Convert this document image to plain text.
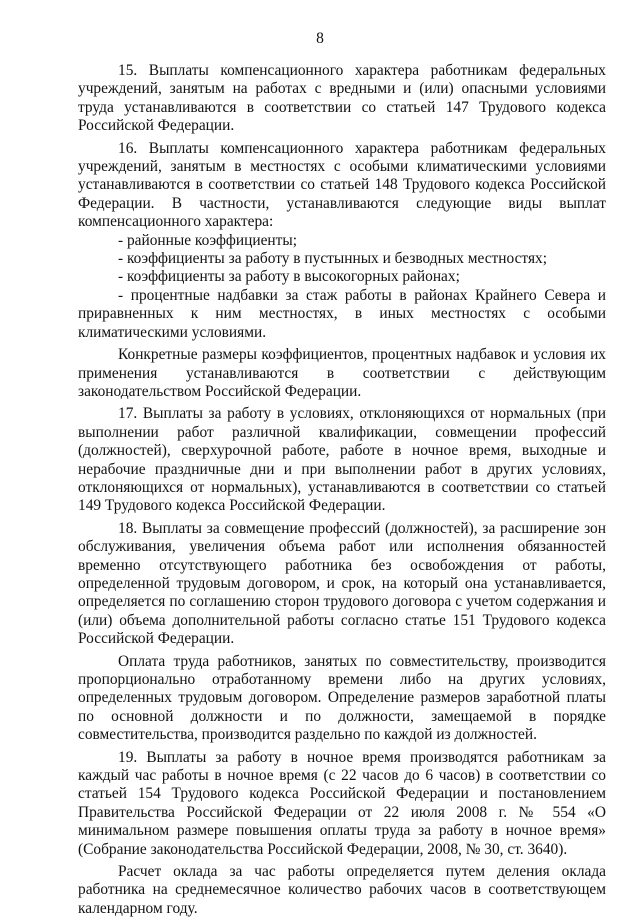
8

15. Выплаты компенсационного характера работникам федеральных учреждений, занятым на работах с вредными и (или) опасными условиями труда устанавливаются в соответствии со статьей 147 Трудового кодекса Российской Федерации.

16. Выплаты компенсационного характера работникам федеральных учреждений, занятым в местностях с особыми климатическими условиями устанавливаются в соответствии со статьей 148 Трудового кодекса Российской Федерации. В частности, устанавливаются следующие виды выплат компенсационного характера:

- районные коэффициенты;

- коэффициенты за работу в пустынных и безводных местностях;

- коэффициенты за работу в высокогорных районах;

- процентные надбавки за стаж работы в районах Крайнего Севера и приравненных к ним местностях, в иных местностях с особыми климатическими условиями.

Конкретные размеры коэффициентов, процентных надбавок и условия их применения устанавливаются в соответствии с действующим законодательством Российской Федерации.

17. Выплаты за работу в условиях, отклоняющихся от нормальных (при выполнении работ различной квалификации, совмещении профессий (должностей), сверхурочной работе, работе в ночное время, выходные и нерабочие праздничные дни и при выполнении работ в других условиях, отклоняющихся от нормальных), устанавливаются в соответствии со статьей 149 Трудового кодекса Российской Федерации.

18. Выплаты за совмещение профессий (должностей), за расширение зон обслуживания, увеличения объема работ или исполнения обязанностей временно отсутствующего работника без освобождения от работы, определенной трудовым договором, и срок, на который она устанавливается, определяется по соглашению сторон трудового договора с учетом содержания и (или) объема дополнительной работы согласно статье 151 Трудового кодекса Российской Федерации.

Оплата труда работников, занятых по совместительству, производится пропорционально отработанному времени либо на других условиях, определенных трудовым договором. Определение размеров заработной платы по основной должности и по должности, замещаемой в порядке совместительства, производится раздельно по каждой из должностей.

19. Выплаты за работу в ночное время производятся работникам за каждый час работы в ночное время (с 22 часов до 6 часов) в соответствии со статьей 154 Трудового кодекса Российской Федерации и постановлением Правительства Российской Федерации от 22 июля 2008 г. № 554 «О минимальном размере повышения оплаты труда за работу в ночное время» (Собрание законодательства Российской Федерации, 2008, № 30, ст. 3640).

Расчет оклада за час работы определяется путем деления оклада работника на среднемесячное количество рабочих часов в соответствующем календарном году.
